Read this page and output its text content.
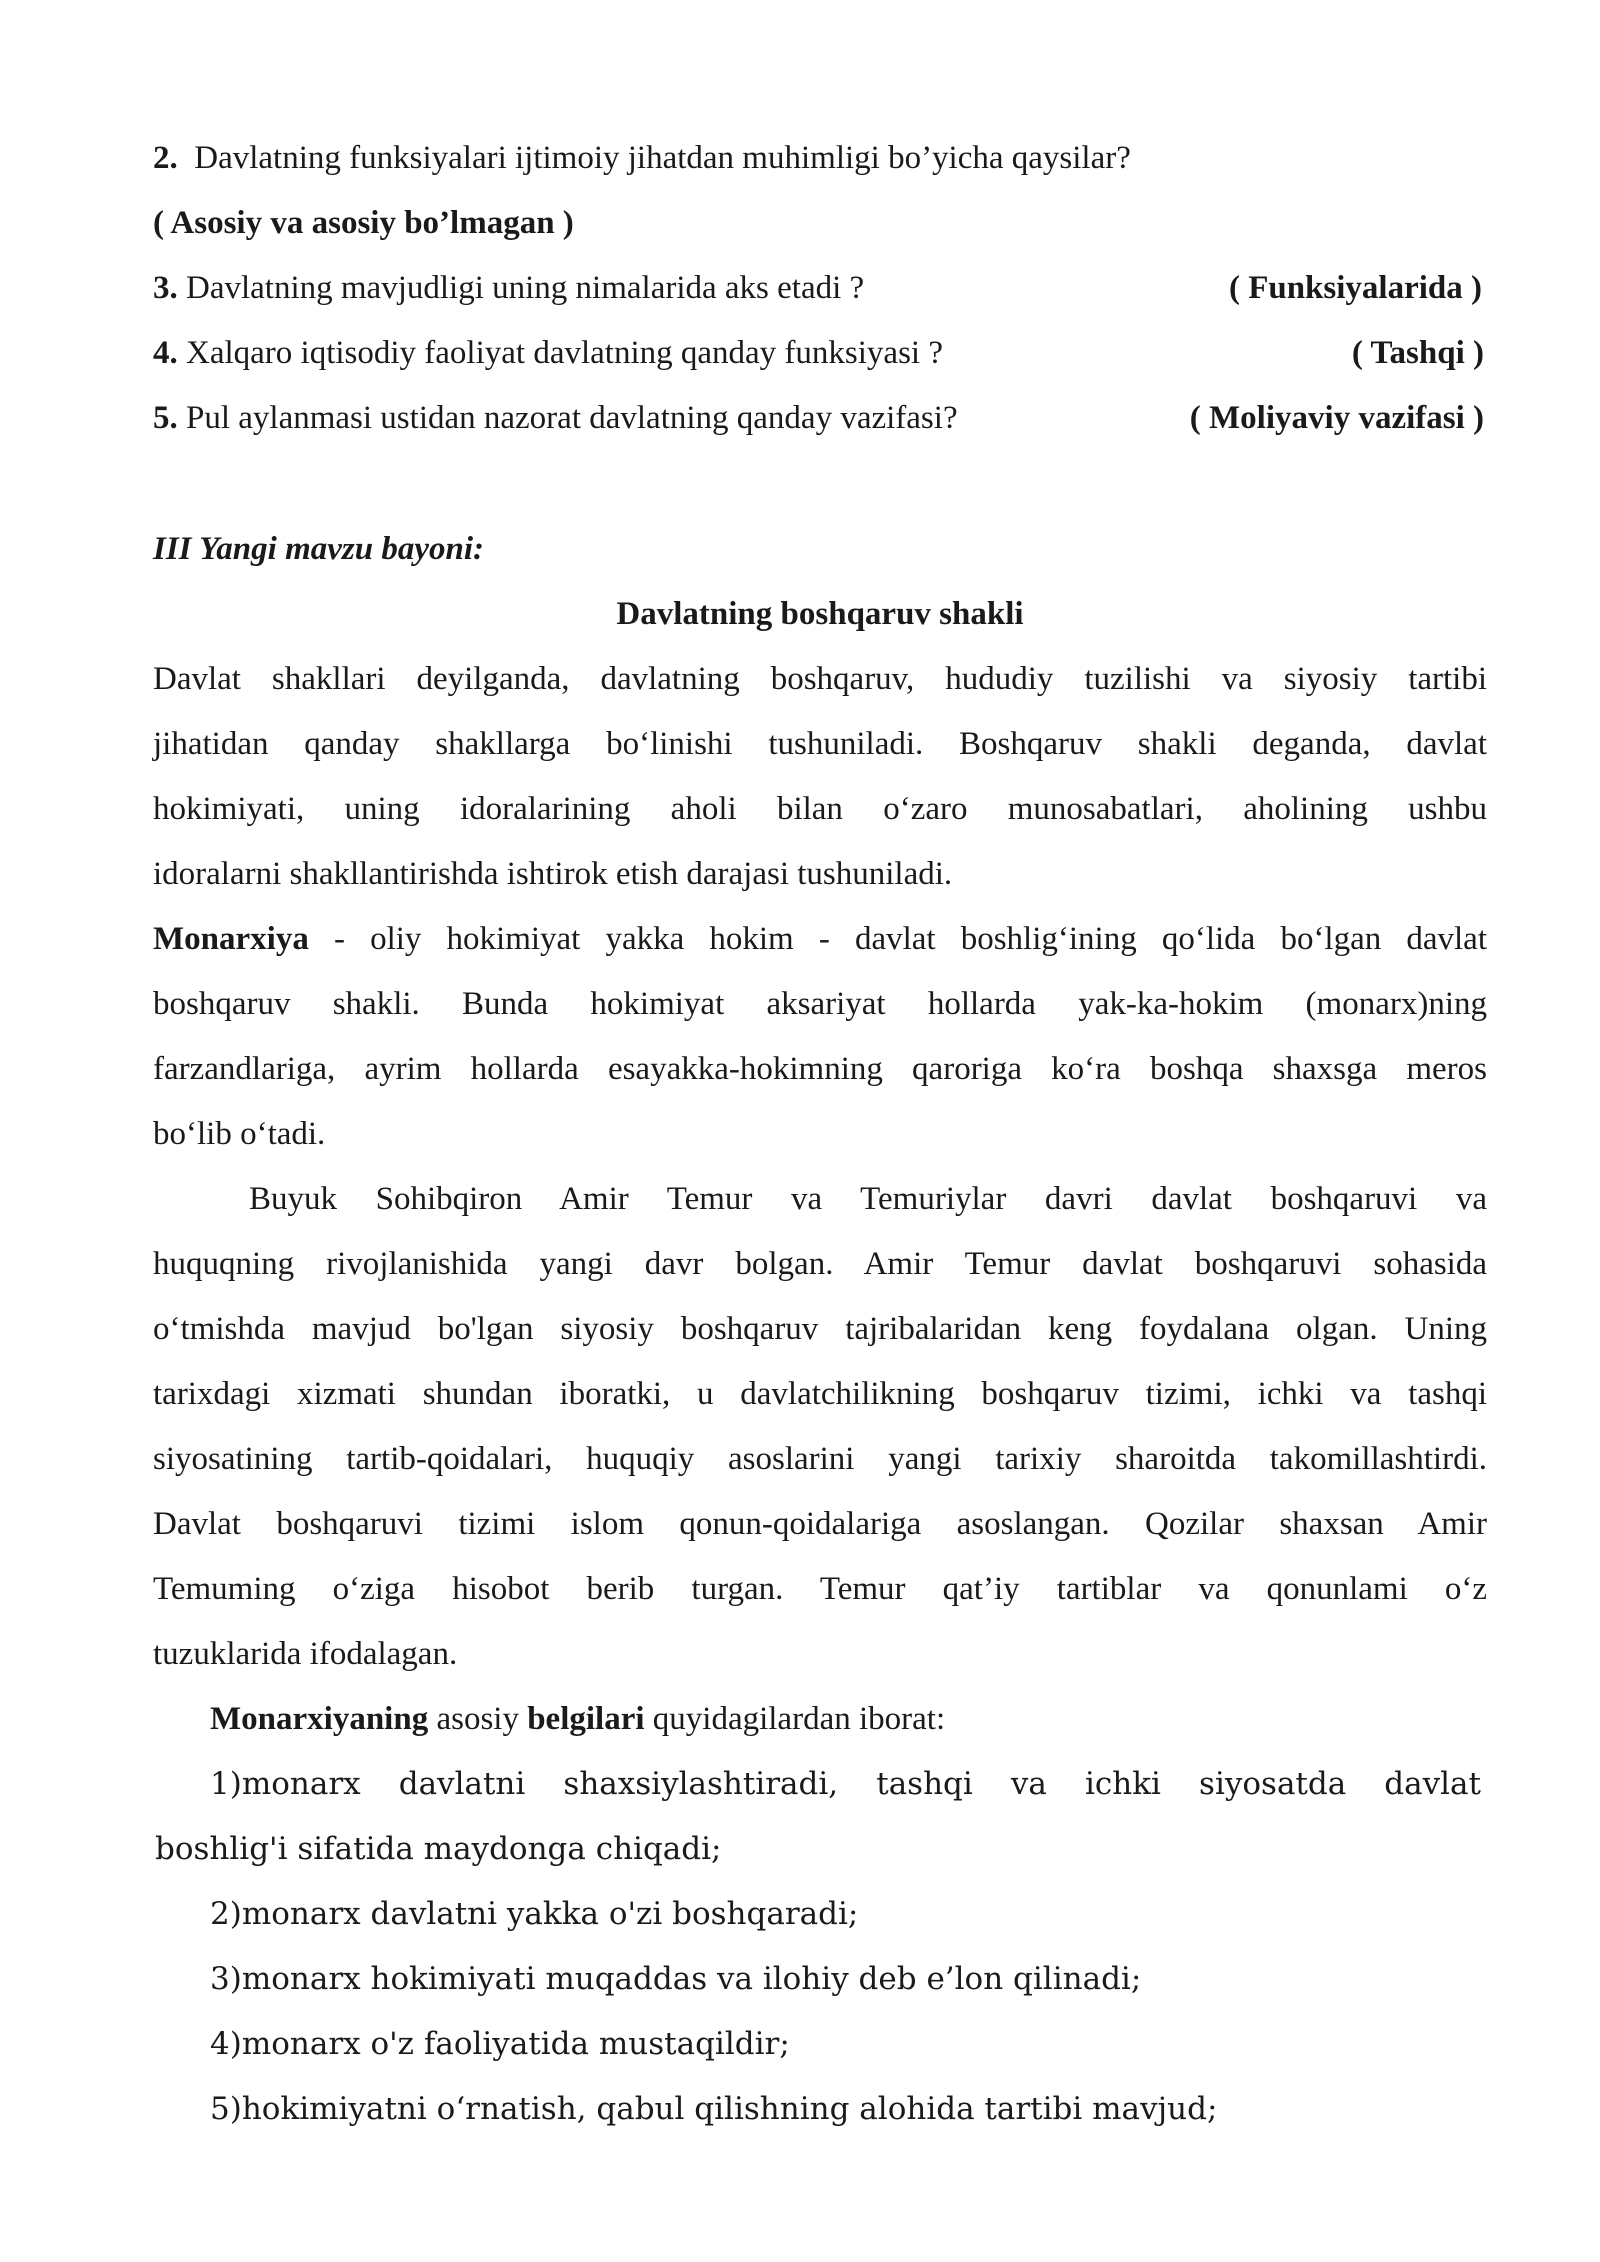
2. Davlatning funksiyalari ijtimoiy jihatdan muhimligi bo’yicha qaysilar?
( Asosiy va asosiy bo’lmagan )
3. Davlatning mavjudligi uning nimalarida aks etadi ?	( Funksiyalarida )
4. Xalqaro iqtisodiy faoliyat davlatning qanday funksiyasi ?	( Tashqi )
5. Pul aylanmasi ustidan nazorat davlatning qanday vazifasi?	( Moliyaviy vazifasi )
III Yangi mavzu bayoni:
Davlatning boshqaruv shakli
Davlat shakllari deyilganda, davlatning boshqaruv, hududiy tuzilishi va siyosiy tartibi
jihatidan qanday shakllarga boʻlinishi tushuniladi. Boshqaruv shakli deganda, davlat
hokimiyati, uning idoralarining aholi bilan oʻzaro munosabatlari, aholining ushbu
idoralarni shakllantirishda ishtirok etish darajasi tushuniladi.
Monarxiya - oliy hokimiyat yakka hokim - davlat boshligʻining qoʻlida boʻlgan davlat
boshqaruv shakli. Bunda hokimiyat aksariyat hollarda yak-ka-hokim (monarx)ning
farzandlariga, ayrim hollarda esayakka-hokimning qaroriga koʻra boshqa shaxsga meros
boʻlib oʻtadi.
Buyuk Sohibqiron Amir Temur va Temuriylar davri davlat boshqaruvi va
huquqning rivojlanishida yangi davr bolgan. Amir Temur davlat boshqaruvi sohasida
oʻtmishda mavjud bo'lgan siyosiy boshqaruv tajribalaridan keng foydalana olgan. Uning
tarixdagi xizmati shundan iboratki, u davlatchilikning boshqaruv tizimi, ichki va tashqi
siyosatining tartib-qoidalari, huquqiy asoslarini yangi tarixiy sharoitda takomillashtirdi.
Davlat boshqaruvi tizimi islom qonun-qoidalariga asoslangan. Qozilar shaxsan Amir
Temuming oʻziga hisobot berib turgan. Temur qat’iy tartiblar va qonunlami oʻz
tuzuklarida ifodalagan.
Monarxiyaning asosiy belgilari quyidagilardan iborat:
1)monarx davlatni shaxsiylashtiradi, tashqi va ichki siyosatda davlat
boshlig'i sifatida maydonga chiqadi;
2)monarx davlatni yakka o'zi boshqaradi;
3)monarx hokimiyati muqaddas va ilohiy deb e’lon qilinadi;
4)monarx o'z faoliyatida mustaqildir;
5)hokimiyatni oʻrnatish, qabul qilishning alohida tartibi mavjud;
